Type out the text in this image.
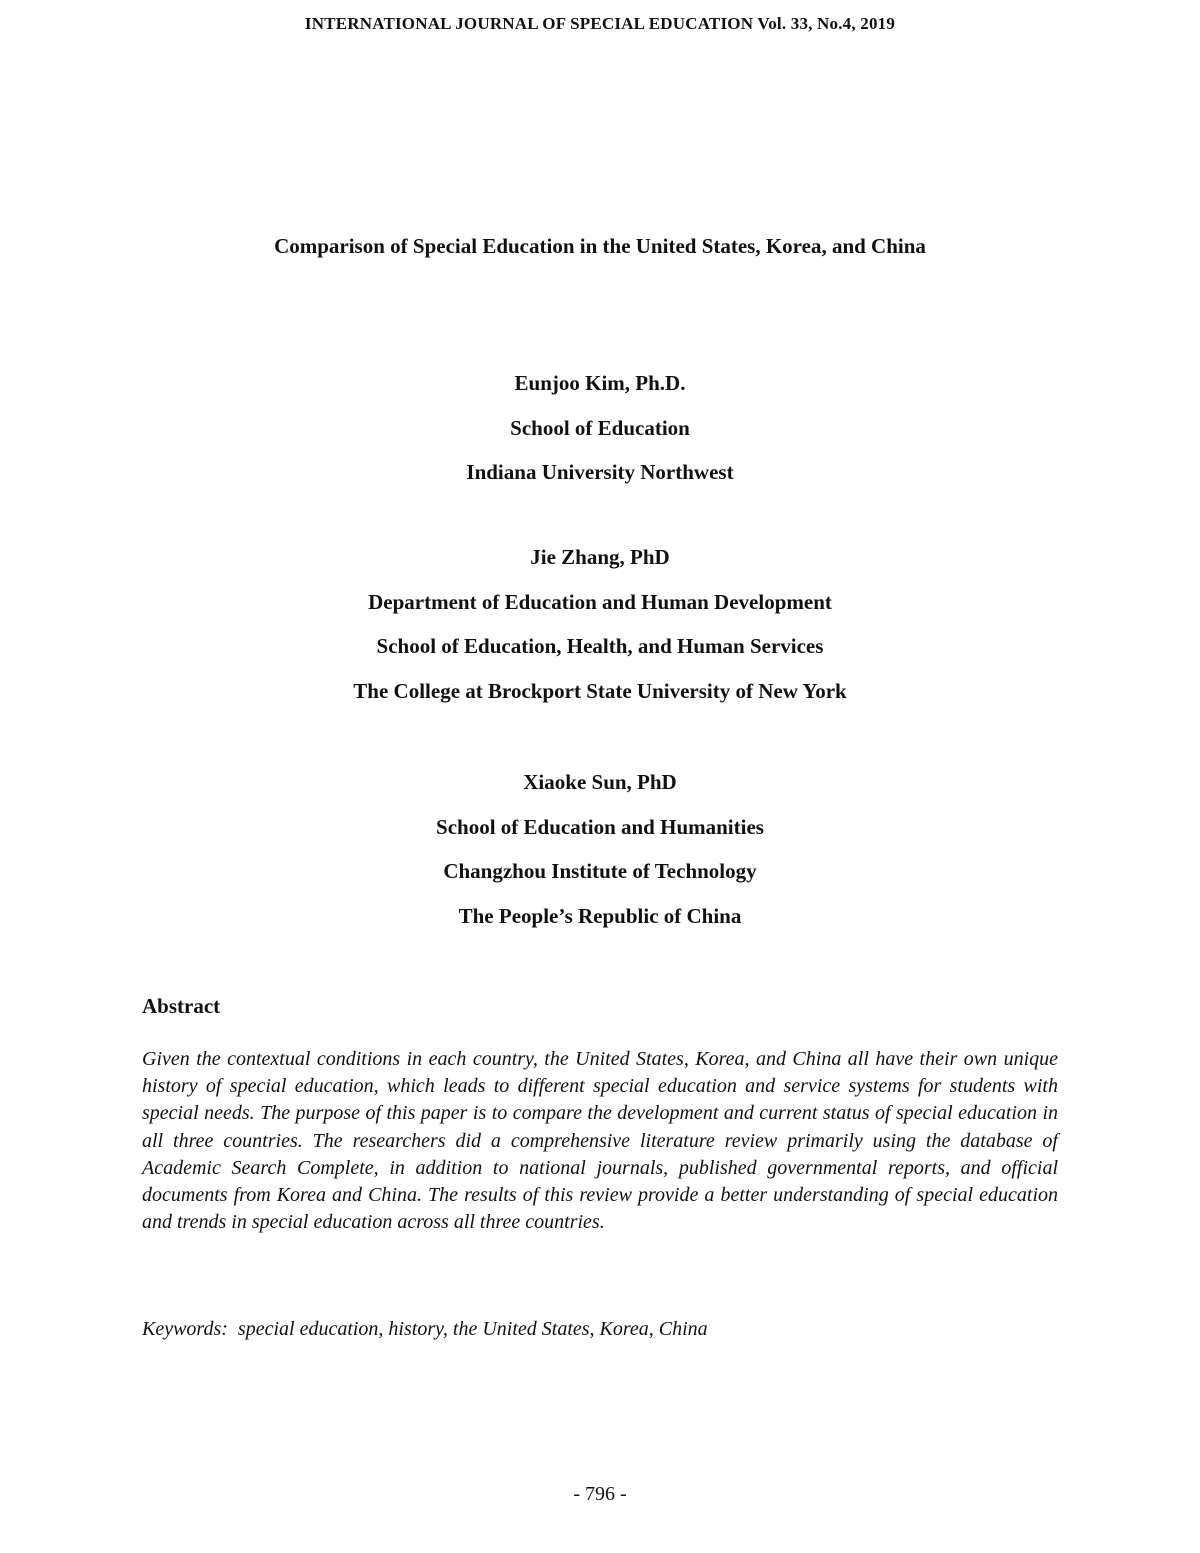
INTERNATIONAL JOURNAL OF SPECIAL EDUCATION Vol. 33, No.4, 2019
Comparison of Special Education in the United States, Korea, and China
Eunjoo Kim, Ph.D.
School of Education
Indiana University Northwest
Jie Zhang, PhD
Department of Education and Human Development
School of Education, Health, and Human Services
The College at Brockport State University of New York
Xiaoke Sun, PhD
School of Education and Humanities
Changzhou Institute of Technology
The People’s Republic of China
Abstract

Given the contextual conditions in each country, the United States, Korea, and China all have their own unique history of special education, which leads to different special education and service systems for students with special needs. The purpose of this paper is to compare the development and current status of special education in all three countries. The researchers did a comprehensive literature review primarily using the database of Academic Search Complete, in addition to national journals, published governmental reports, and official documents from Korea and China. The results of this review provide a better understanding of special education and trends in special education across all three countries.

Keywords:  special education, history, the United States, Korea, China
- 796 -
